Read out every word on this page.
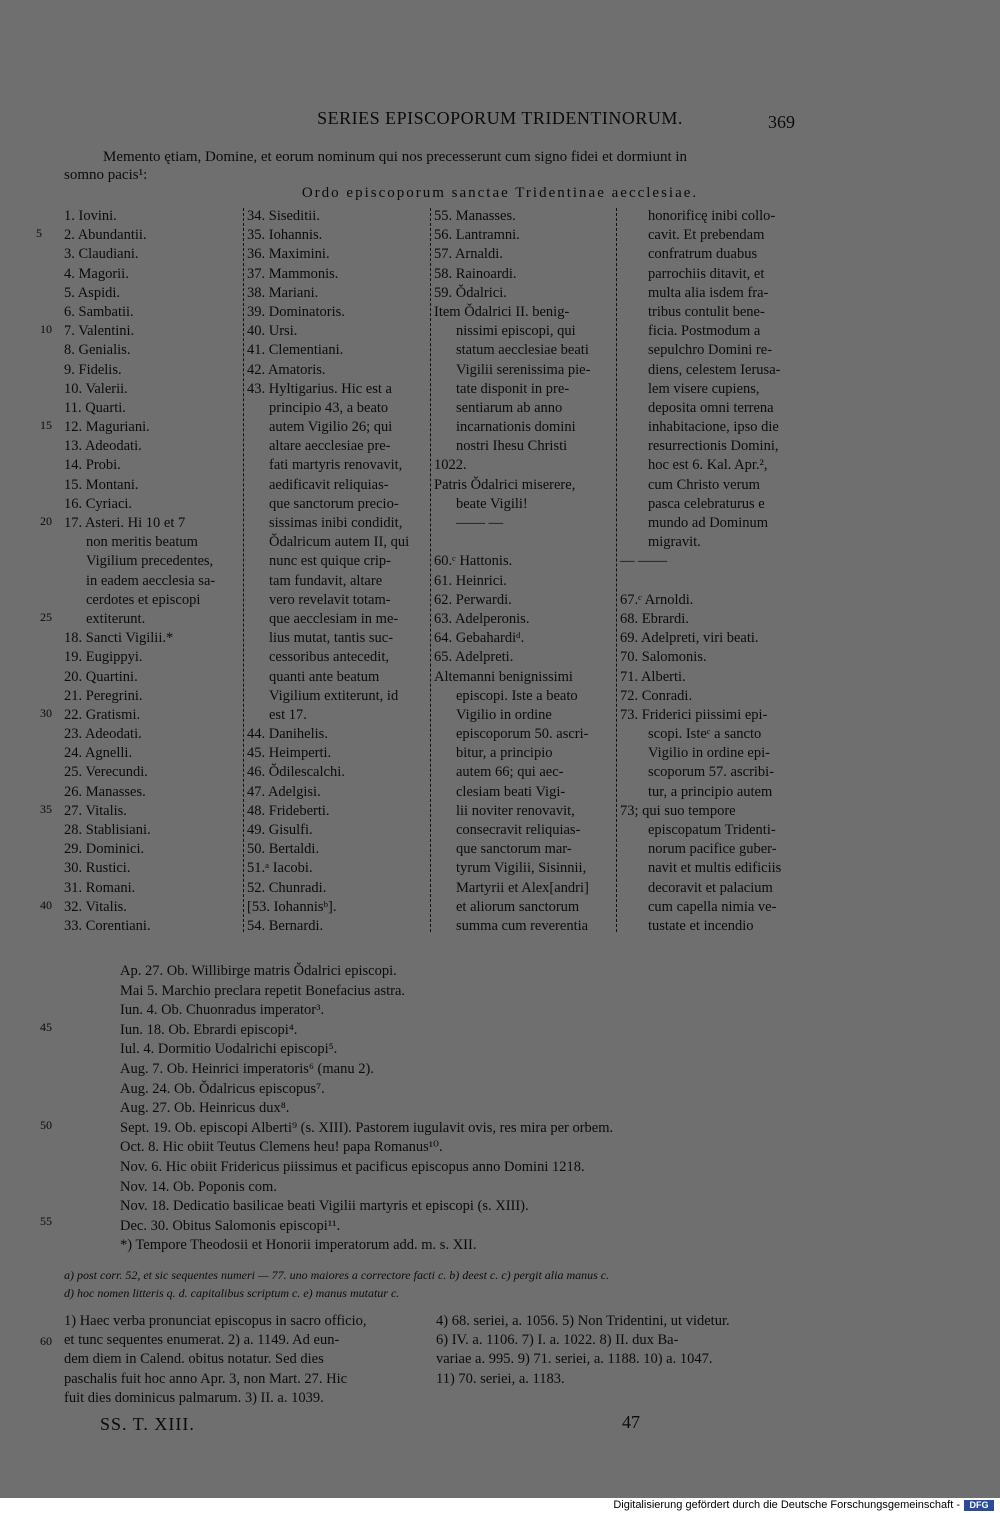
SERIES EPISCOPORUM TRIDENTINORUM.	369
Memento ętiam, Domine, et eorum nominum qui nos precesserunt cum signo fidei et dormiunt in
somno pacis¹:
Ordo episcoporum sanctae Tridentinae aecclesiae.
1. Iovini.
2. Abundantii.
3. Claudiani.
4. Magorii.
5. Aspidi.
6. Sambatii.
7. Valentini.
8. Genialis.
9. Fidelis.
10. Valerii.
11. Quarti.
12. Maguriani.
13. Adeodati.
14. Probi.
15. Montani.
16. Cyriaci.
17. Asteri. Hi 10 et 7
non meritis beatum
Vigilium precedentes,
in eadem aecclesia sa-
cerdotes et episcopi
extiterunt.
18. Sancti Vigilii.*
19. Eugippyi.
20. Quartini.
21. Peregrini.
22. Gratismi.
23. Adeodati.
24. Agnelli.
25. Verecundi.
26. Manasses.
27. Vitalis.
28. Stablisiani.
29. Dominici.
30. Rustici.
31. Romani.
32. Vitalis.
33. Corentiani.
34. Siseditii.
35. Iohannis.
36. Maximini.
37. Mammonis.
38. Mariani.
39. Dominatoris.
40. Ursi.
41. Clementiani.
42. Amatoris.
43. Hyltigarius. Hic est a
principio 43, a beato
autem Vigilio 26; qui
altare aecclesiae pre-
fati martyris renovavit,
aedificavit reliquias-
que sanctorum precio-
sissimas inibi condidit,
Ŏdalricum autem II, qui
nunc est quique crip-
tam fundavit, altare
vero revelavit totam-
que aecclesiam in me-
lius mutat, tantis suc-
cessoribus antecedit,
quanti ante beatum
Vigilium extiterunt, id
est 17.
44. Danihelis.
45. Heimperti.
46. Ŏdilescalchi.
47. Adelgisi.
48. Frideberti.
49. Gisulfi.
50. Bertaldi.
51.ᵃ Iacobi.
52. Chunradi.
[53. Iohannisᵇ].
54. Bernardi.
55. Manasses.
56. Lantramni.
57. Arnaldi.
58. Rainoardi.
59. Ŏdalrici.
Item Ŏdalrici II. benig-
nissimi episcopi, qui
statum aecclesiae beati
Vigilii serenissima pie-
tate disponit in pre-
sentiarum ab anno
incarnationis domini
nostri Ihesu Christi
1022.
Patris Ŏdalrici miserere,
beate Vigili!
—— —
60.ᶜ Hattonis.
61. Heinrici.
62. Perwardi.
63. Adelperonis.
64. Gebahardiᵈ.
65. Adelpreti.
Altemanni benignissimi
episcopi. Iste a beato
Vigilio in ordine
episcoporum 50. ascri-
bitur, a principio
autem 66; qui aec-
clesiam beati Vigi-
lii noviter renovavit,
consecravit reliquias-
que sanctorum mar-
tyrum Vigilii, Sisinnii,
Martyrii et Alex[andri]
et aliorum sanctorum
summa cum reverentia
honorificę inibi collo-
cavit. Et prebendam
confratrum duabus
parrochiis ditavit, et
multa alia isdem fra-
tribus contulit bene-
ficia. Postmodum a
sepulchro Domini re-
diens, celestem Ierusa-
lem visere cupiens,
deposita omni terrena
inhabitacione, ipso die
resurrectionis Domini,
hoc est 6. Kal. Apr.²,
cum Christo verum
pasca celebraturus e
mundo ad Dominum
migravit.
— ——
67.ᶜ Arnoldi.
68. Ebrardi.
69. Adelpreti, viri beati.
70. Salomonis.
71. Alberti.
72. Conradi.
73. Friderici piissimi epi-
scopi. Isteᶜ a sancto
Vigilio in ordine epi-
scoporum 57. ascribi-
tur, a principio autem
73; qui suo tempore
episcopatum Tridenti-
norum pacifice guber-
navit et multis edificiis
decoravit et palacium
cum capella nimia ve-
tustate et incendio
5
10
15
20
25
30
35
40
45
50
55
60
Ap. 27. Ob. Willibirge matris Ŏdalrici episcopi.
Mai 5. Marchio preclara repetit Bonefacius astra.
Iun. 4. Ob. Chuonradus imperator³.
Iun. 18. Ob. Ebrardi episcopi⁴.
Iul. 4. Dormitio Uodalrichi episcopi⁵.
Aug. 7. Ob. Heinrici imperatoris⁶ (manu 2).
Aug. 24. Ob. Ŏdalricus episcopus⁷.
Aug. 27. Ob. Heinricus dux⁸.
Sept. 19. Ob. episcopi Alberti⁹ (s. XIII). Pastorem iugulavit ovis, res mira per orbem.
Oct. 8. Hic obiit Teutus Clemens heu! papa Romanus¹⁰.
Nov. 6. Hic obiit Fridericus piissimus et pacificus episcopus anno Domini 1218.
Nov. 14. Ob. Poponis com.
Nov. 18. Dedicatio basilicae beati Vigilii martyris et episcopi (s. XIII).
Dec. 30. Obitus Salomonis episcopi¹¹.
*) Tempore Theodosii et Honorii imperatorum add. m. s. XII.
a) post corr. 52, et sic sequentes numeri — 77. uno maiores a correctore facti c. b) deest c. c) pergit alia manus c.
d) hoc nomen litteris q. d. capitalibus scriptum c. e) manus mutatur c.
1) Haec verba pronunciat episcopus in sacro officio,
et tunc sequentes enumerat. 2) a. 1149. Ad eun-
dem diem in Calend. obitus notatur. Sed dies
paschalis fuit hoc anno Apr. 3, non Mart. 27. Hic
fuit dies dominicus palmarum. 3) II. a. 1039.
4) 68. seriei, a. 1056. 5) Non Tridentini, ut videtur.
6) IV. a. 1106. 7) I. a. 1022. 8) II. dux Ba-
variae a. 995. 9) 71. seriei, a. 1188. 10) a. 1047.
11) 70. seriei, a. 1183.
SS. T. XIII.	47
Digitalisierung gefördert durch die Deutsche Forschungsgemeinschaft -	DFG
